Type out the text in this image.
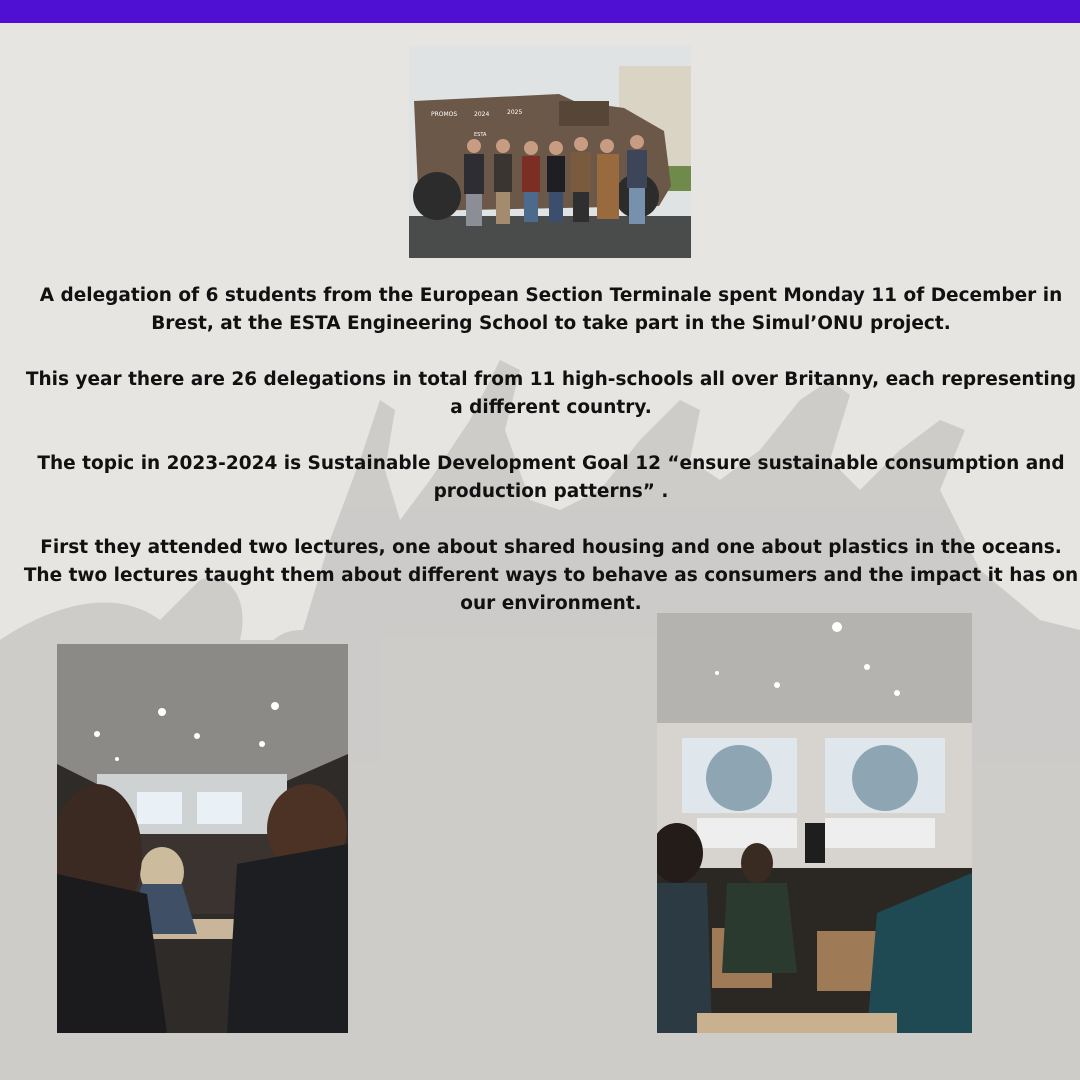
PROMOS	2024	2025
ESTA

A delegation of 6 students from the European Section Terminale spent Monday 11 of December in Brest, at the ESTA Engineering School to take part in the Simul’ONU project.

This year there are 26 delegations in total from 11 high-schools all over Britanny, each representing a different country.

The topic in 2023-2024 is Sustainable Development Goal 12 “ensure sustainable consumption and production patterns” .

First they attended two lectures, one about shared housing and one about plastics in the oceans. The two lectures taught them about different ways to behave as consumers and the impact it has on our environment.
